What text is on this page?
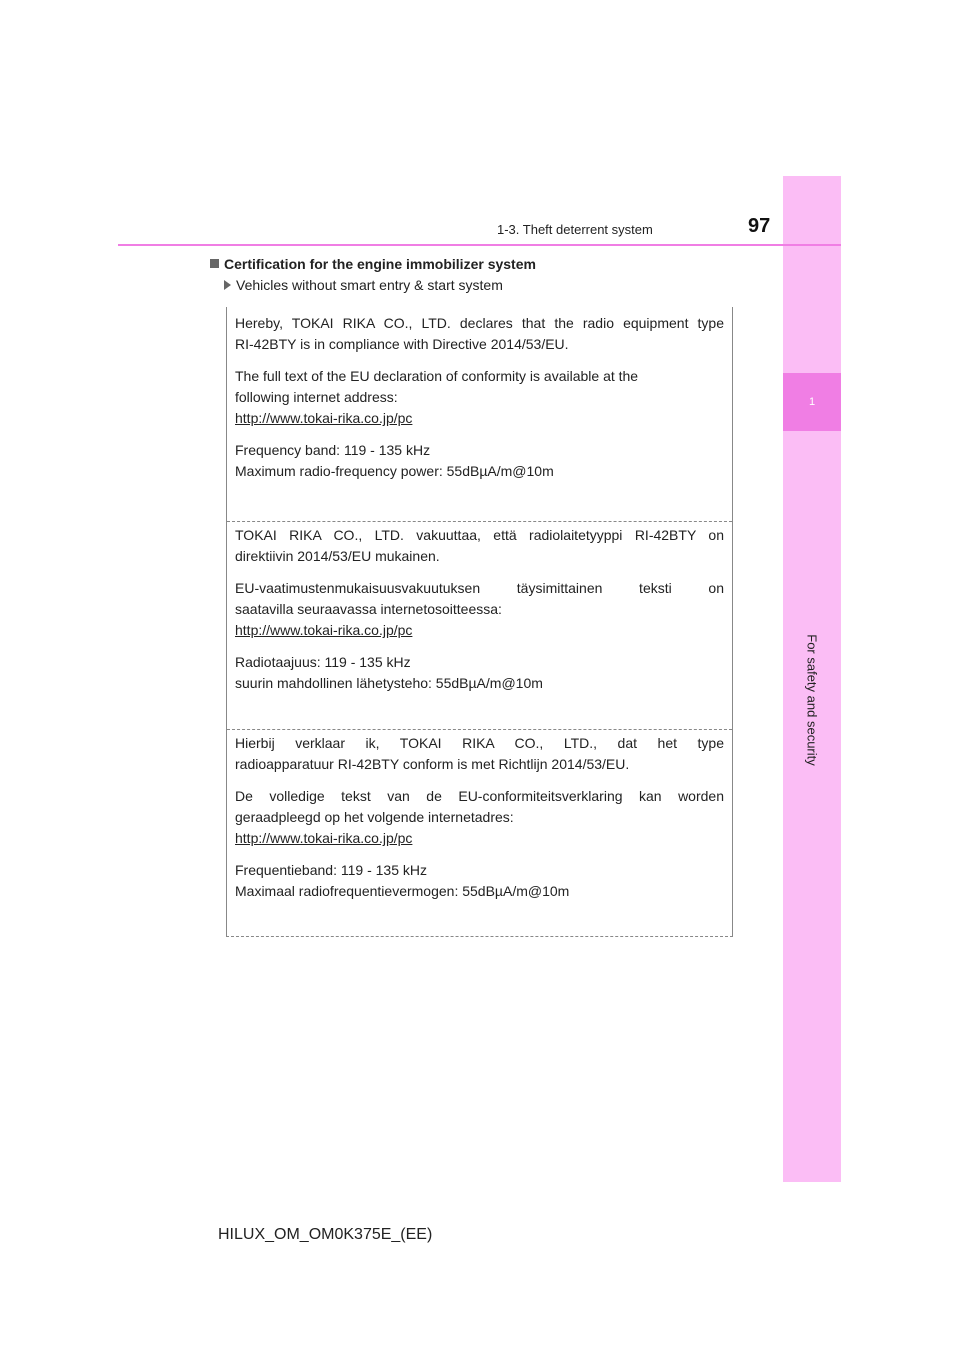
1
For safety and security
1-3. Theft deterrent system	97
Certification for the engine immobilizer system
Vehicles without smart entry & start system

Hereby, TOKAI RIKA CO., LTD. declares that the radio equipment type
RI-42BTY is in compliance with Directive 2014/53/EU.

The full text of the EU declaration of conformity is available at the
following internet address:
http://www.tokai-rika.co.jp/pc

Frequency band: 119 - 135 kHz
Maximum radio-frequency power: 55dBµA/m@10m

TOKAI RIKA CO., LTD. vakuuttaa, että radiolaitetyyppi RI-42BTY on
direktiivin 2014/53/EU mukainen.

EU-vaatimustenmukaisuusvakuutuksen täysimittainen teksti on
saatavilla seuraavassa internetosoitteessa:
http://www.tokai-rika.co.jp/pc

Radiotaajuus: 119 - 135 kHz
suurin mahdollinen lähetysteho: 55dBµA/m@10m

Hierbij verklaar ik, TOKAI RIKA CO., LTD., dat het type
radioapparatuur RI-42BTY conform is met Richtlijn 2014/53/EU.

De volledige tekst van de EU-conformiteitsverklaring kan worden
geraadpleegd op het volgende internetadres:
http://www.tokai-rika.co.jp/pc

Frequentieband: 119 - 135 kHz
Maximaal radiofrequentievermogen: 55dBµA/m@10m

HILUX_OM_OM0K375E_(EE)
